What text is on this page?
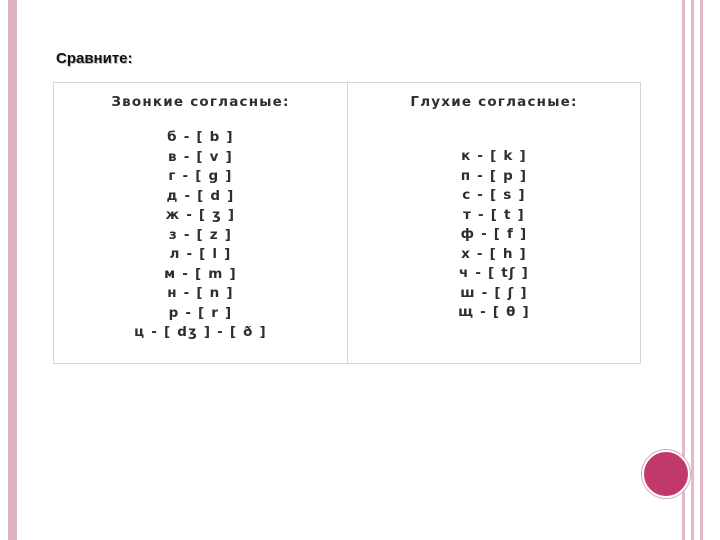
Сравните:
Звонкие согласные:
б - [ b ]
в - [ v ]
г - [ g ]
д - [ d ]
ж - [ ʒ ]
з - [ z ]
л - [ l ]
м - [ m ]
н - [ n ]
р - [ r ]
ц - [ dʒ ] - [ ð ]
Глухие согласные:
к - [ k ]
п - [ p ]
с - [ s ]
т - [ t ]
ф - [ f ]
х - [ h ]
ч - [ tʃ ]
ш - [ ʃ ]
щ - [ θ ]
